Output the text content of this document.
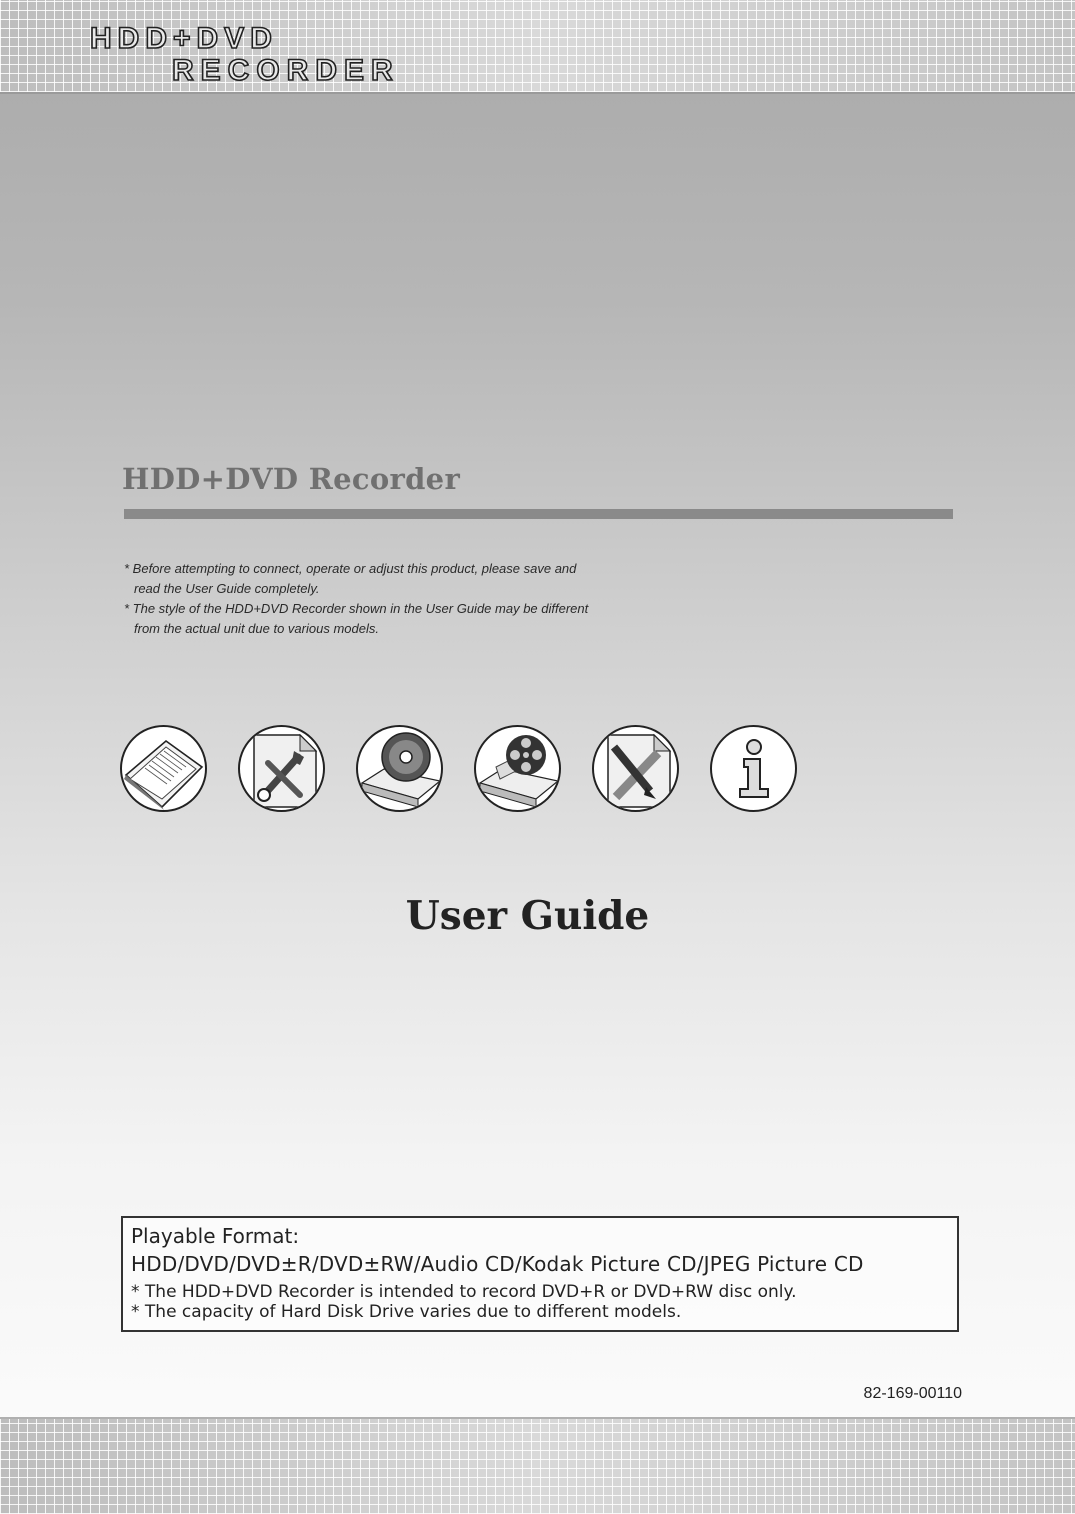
HDD+DVD
RECORDER
HDD+DVD Recorder
* Before attempting to connect, operate or adjust this product, please save and read the User Guide completely.
* The style of the HDD+DVD Recorder shown in the User Guide may be different from the actual unit due to various models.
User Guide
Playable Format:
HDD/DVD/DVD±R/DVD±RW/Audio CD/Kodak Picture CD/JPEG Picture CD
* The HDD+DVD Recorder is intended to record DVD+R or DVD+RW disc only.
* The capacity of Hard Disk Drive varies due to different models.
82-169-00110
